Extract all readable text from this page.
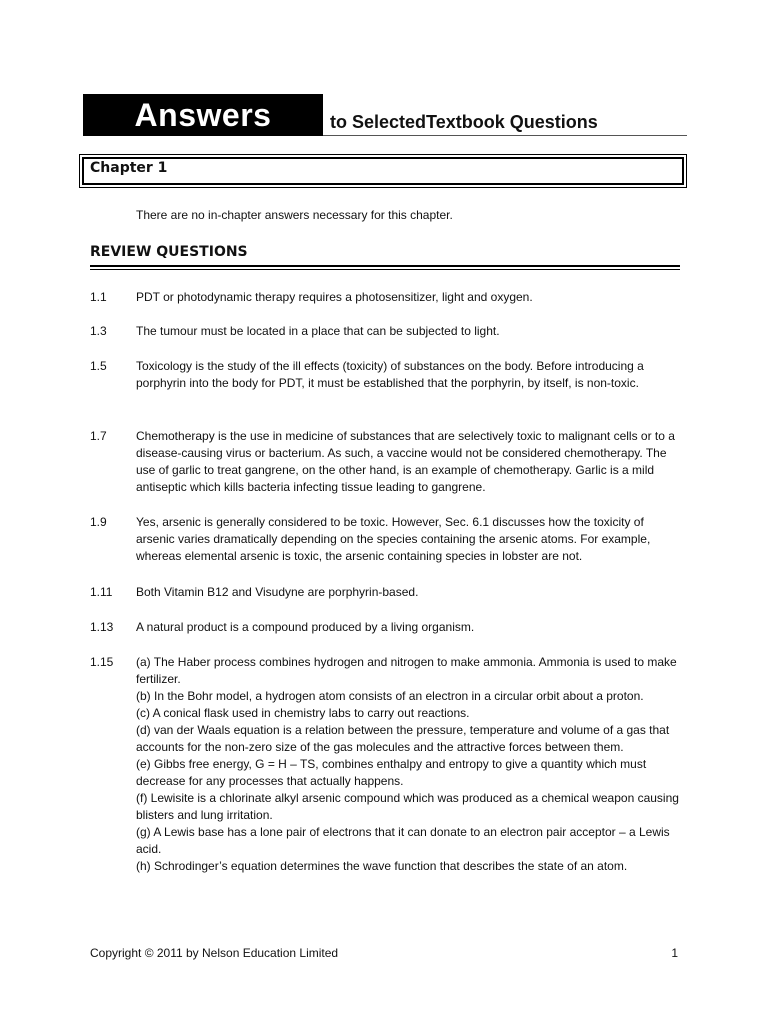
Answers	to SelectedTextbook Questions
Chapter 1
There are no in-chapter answers necessary for this chapter.
REVIEW QUESTIONS
1.1	PDT or photodynamic therapy requires a photosensitizer, light and oxygen.

1.3	The tumour must be located in a place that can be subjected to light.

1.5	Toxicology is the study of the ill effects (toxicity) of substances on the body. Before introducing a porphyrin into the body for PDT, it must be established that the porphyrin, by itself, is non-toxic.

1.7	Chemotherapy is the use in medicine of substances that are selectively toxic to malignant cells or to a disease-causing virus or bacterium. As such, a vaccine would not be considered chemotherapy. The use of garlic to treat gangrene, on the other hand, is an example of chemotherapy. Garlic is a mild antiseptic which kills bacteria infecting tissue leading to gangrene.

1.9	Yes, arsenic is generally considered to be toxic. However, Sec. 6.1 discusses how the toxicity of arsenic varies dramatically depending on the species containing the arsenic atoms. For example, whereas elemental arsenic is toxic, the arsenic containing species in lobster are not.

1.11	Both Vitamin B12 and Visudyne are porphyrin-based.

1.13	A natural product is a compound produced by a living organism.

1.15	(a) The Haber process combines hydrogen and nitrogen to make ammonia. Ammonia is used to make fertilizer.

(b) In the Bohr model, a hydrogen atom consists of an electron in a circular orbit about a proton.

(c) A conical flask used in chemistry labs to carry out reactions.

(d) van der Waals equation is a relation between the pressure, temperature and volume of a gas that accounts for the non-zero size of the gas molecules and the attractive forces between them.

(e) Gibbs free energy, G = H – TS, combines enthalpy and entropy to give a quantity which must decrease for any processes that actually happens.

(f) Lewisite is a chlorinate alkyl arsenic compound which was produced as a chemical weapon causing blisters and lung irritation.

(g) A Lewis base has a lone pair of electrons that it can donate to an electron pair acceptor – a Lewis acid.

(h) Schrodinger’s equation determines the wave function that describes the state of an atom.

Copyright © 2011 by Nelson Education Limited	1
